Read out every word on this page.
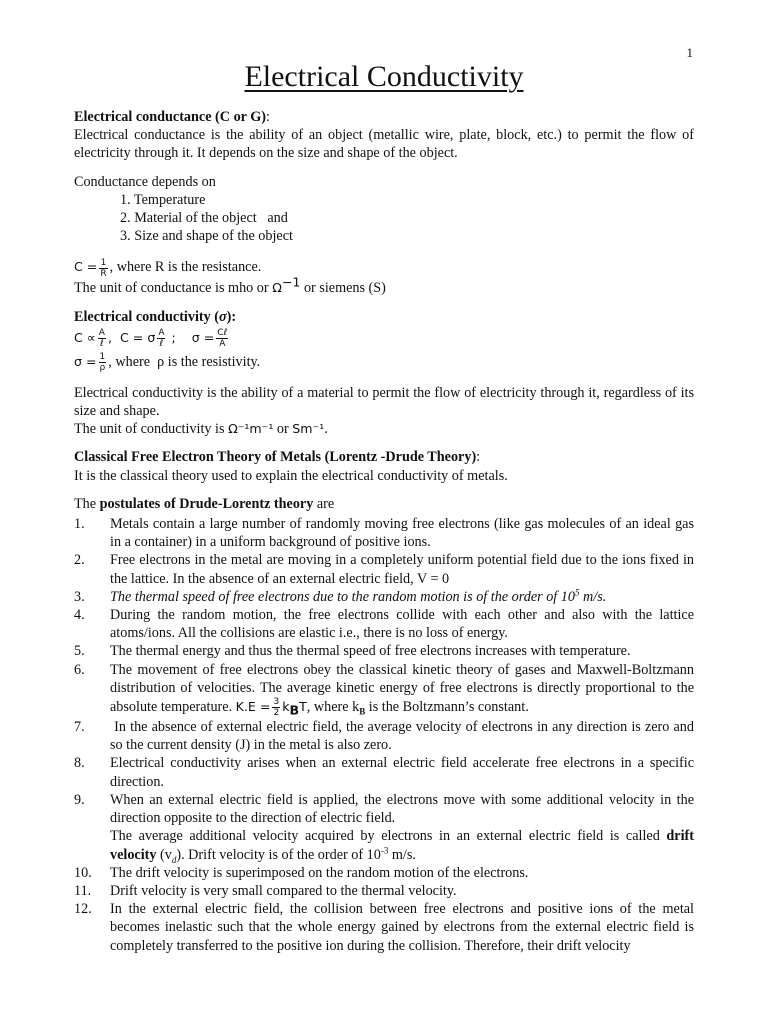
1
Electrical Conductivity

Electrical conductance (C or G):

Electrical conductance is the ability of an object (metallic wire, plate, block, etc.) to permit the flow of electricity through it. It depends on the size and shape of the object.

Conductance depends on

1. Temperature

2. Material of the object   and

3. Size and shape of the object

$C = \frac{1}{R}$ , where R is the resistance.

The unit of conductance is mho or $\Omega^{-1}$ or siemens (S)

Electrical conductivity (σ):

$C \propto \frac{A}{\text{ℓ}}$ ,  C = σ $\frac{A}{\text{ℓ}}$ ;    $\sigma = \frac{\text{Cℓ}}{A}$

$\sigma = \frac{1}{\rho}$ , where  ρ is the resistivity.

Electrical conductivity is the ability of a material to permit the flow of electricity through it, regardless of its size and shape.

The unit of conductivity is Ω⁻¹m⁻¹ or Sm⁻¹.

Classical Free Electron Theory of Metals (Lorentz -Drude Theory):

It is the classical theory used to explain the electrical conductivity of metals.

The postulates of Drude-Lorentz theory are

1.	Metals contain a large number of randomly moving free electrons (like gas molecules of an ideal gas in a container) in a uniform background of positive ions.
2.	Free electrons in the metal are moving in a completely uniform potential field due to the ions fixed in the lattice. In the absence of an external electric field, V = 0
3.	The thermal speed of free electrons due to the random motion is of the order of $10^5$ m/s.
4.	During the random motion, the free electrons collide with each other and also with the lattice atoms/ions. All the collisions are elastic i.e., there is no loss of energy.
5.	The thermal energy and thus the thermal speed of free electrons increases with temperature.
6.	The movement of free electrons obey the classical kinetic theory of gases and Maxwell-Boltzmann distribution of velocities. The average kinetic energy of free electrons is directly proportional to the absolute temperature. $K.E = \frac{3}{2} k_BT$, where $k_B$ is the Boltzmann’s constant.
7.	In the absence of external electric field, the average velocity of electrons in any direction is zero and so the current density (J) in the metal is also zero.
8.	Electrical conductivity arises when an external electric field accelerate free electrons in a specific direction.
9.	When an external electric field is applied, the electrons move with some additional velocity in the direction opposite to the direction of electric field.
The average additional velocity acquired by electrons in an external electric field is called drift velocity $(v_d)$. Drift velocity is of the order of $10^{-3}$ m/s.
10.	The drift velocity is superimposed on the random motion of the electrons.
11.	Drift velocity is very small compared to the thermal velocity.
12.	In the external electric field, the collision between free electrons and positive ions of the metal becomes inelastic such that the whole energy gained by electrons from the external electric field is completely transferred to the positive ion during the collision. Therefore, their drift velocity
